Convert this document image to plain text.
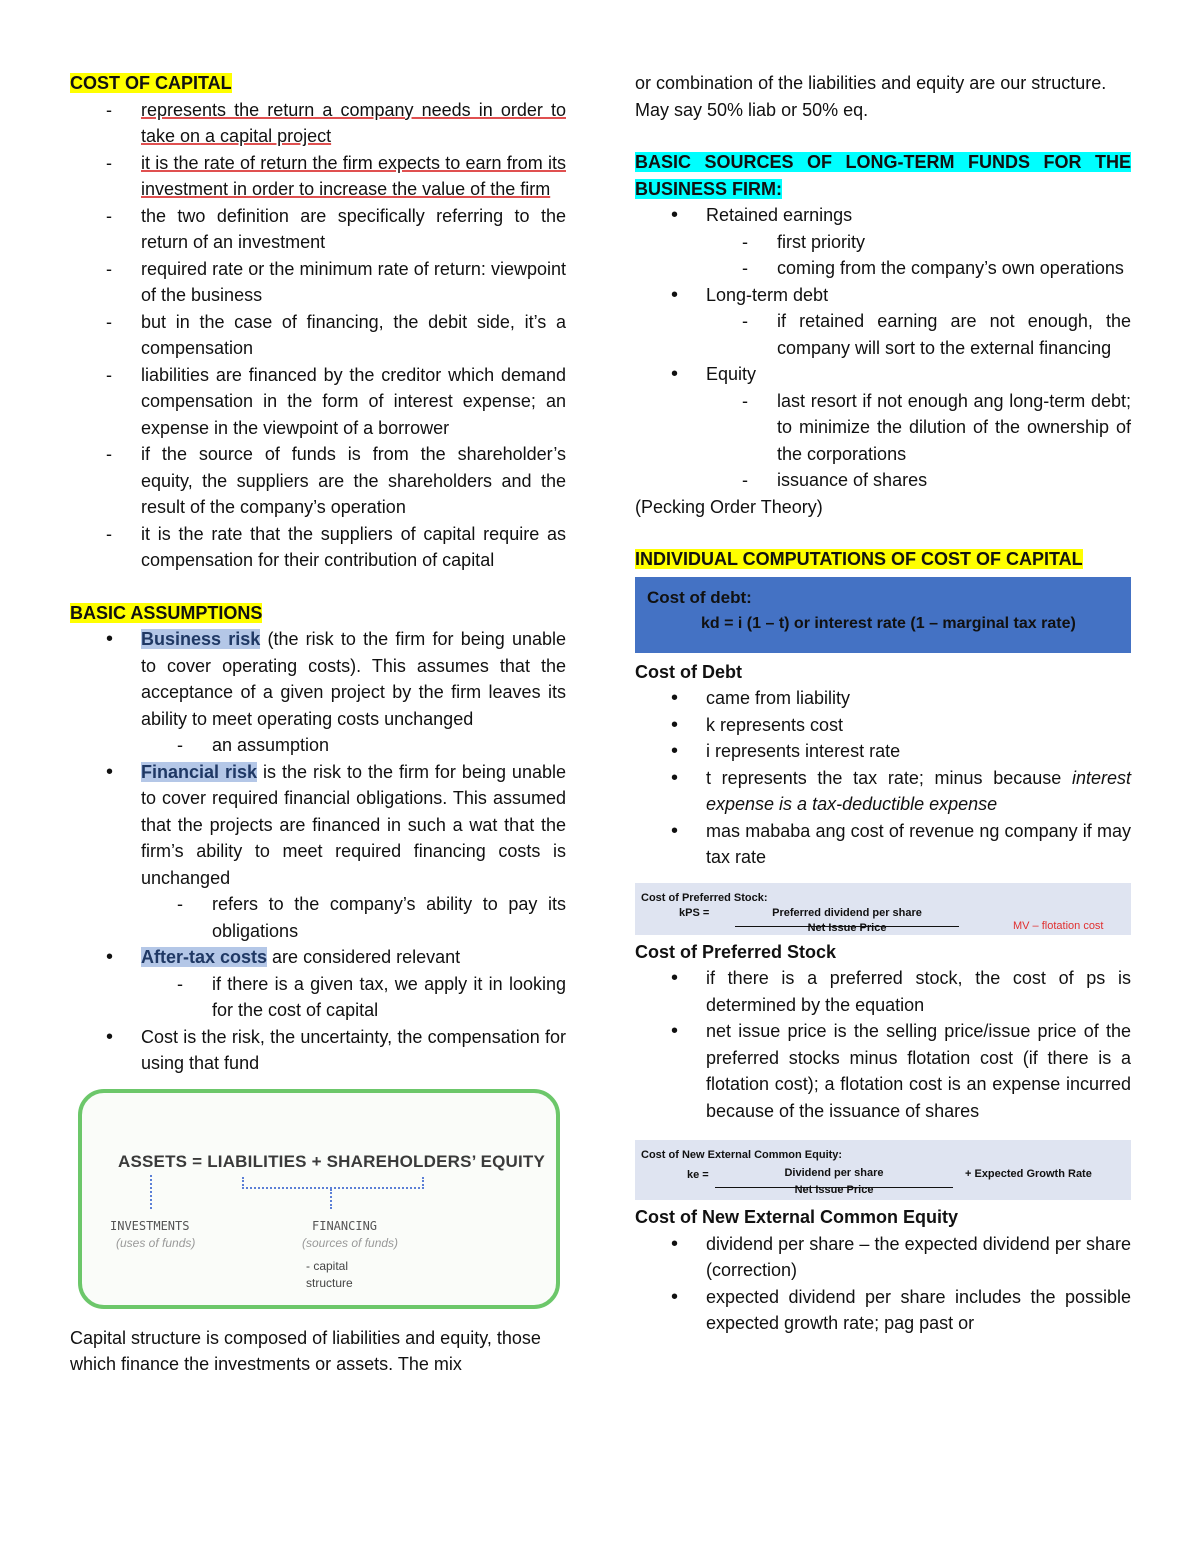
COST OF CAPITAL
- represents the return a company needs in order to take on a capital project
- it is the rate of return the firm expects to earn from its investment in order to increase the value of the firm
- the two definition are specifically referring to the return of an investment
- required rate or the minimum rate of return: viewpoint of the business
- but in the case of financing, the debit side, it’s a compensation
- liabilities are financed by the creditor which demand compensation in the form of interest expense; an expense in the viewpoint of a borrower
- if the source of funds is from the shareholder’s equity, the suppliers are the shareholders and the result of the company’s operation
- it is the rate that the suppliers of capital require as compensation for their contribution of capital
BASIC ASSUMPTIONS
• Business risk (the risk to the firm for being unable to cover operating costs). This assumes that the acceptance of a given project by the firm leaves its ability to meet operating costs unchanged
- an assumption
• Financial risk is the risk to the firm for being unable to cover required financial obligations. This assumed that the projects are financed in such a wat that the firm’s ability to meet required financing costs is unchanged
- refers to the company’s ability to pay its obligations
• After-tax costs are considered relevant
- if there is a given tax, we apply it in looking for the cost of capital
• Cost is the risk, the uncertainty, the compensation for using that fund
ASSETS = LIABILITIES + SHAREHOLDERS’ EQUITY
INVESTMENTS
(uses of funds)
FINANCING
(sources of funds)
- capital
structure

Capital structure is composed of liabilities and equity, those which finance the investments or assets. The mix

or combination of the liabilities and equity are our structure. May say 50% liab or 50% eq.

BASIC SOURCES OF LONG-TERM FUNDS FOR THE BUSINESS FIRM:
• Retained earnings
- first priority
- coming from the company’s own operations
• Long-term debt
- if retained earning are not enough, the company will sort to the external financing
• Equity
- last resort if not enough ang long-term debt; to minimize the dilution of the ownership of the corporations
- issuance of shares

(Pecking Order Theory)

INDIVIDUAL COMPUTATIONS OF COST OF CAPITAL
Cost of debt:
kd = i (1 – t) or interest rate (1 – marginal tax rate)

Cost of Debt

• came from liability
• k represents cost
• i represents interest rate
• t represents the tax rate; minus because interest expense is a tax-deductible expense
• mas mababa ang cost of revenue ng company if may tax rate
Cost of Preferred Stock:
kPS =	Preferred dividend per share
Net Issue Price	MV – flotation cost

Cost of Preferred Stock

• if there is a preferred stock, the cost of ps is determined by the equation
• net issue price is the selling price/issue price of the preferred stocks minus flotation cost (if there is a flotation cost); a flotation cost is an expense incurred because of the issuance of shares
Cost of New External Common Equity:
ke =	Dividend per share
Net Issue Price
+ Expected Growth Rate

Cost of New External Common Equity

• dividend per share – the expected dividend per share (correction)
• expected dividend per share includes the possible expected growth rate; pag past or
